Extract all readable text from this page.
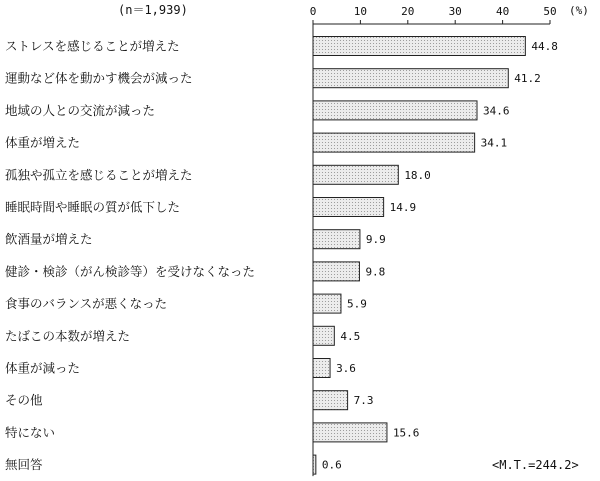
(n＝1,939)	(%)
<M.T.=244.2>
0	10	20	30	40	50
ストレスを感じることが増えた	44.8
運動など体を動かす機会が減った	41.2
地域の人との交流が減った	34.6
体重が増えた	34.1
孤独や孤立を感じることが増えた	18.0
睡眠時間や睡眠の質が低下した	14.9
飲酒量が増えた	9.9
健診・検診（がん検診等）を受けなくなった	9.8
食事のバランスが悪くなった	5.9
たばこの本数が増えた	4.5
体重が減った	3.6
その他	7.3
特にない	15.6
無回答	0.6
